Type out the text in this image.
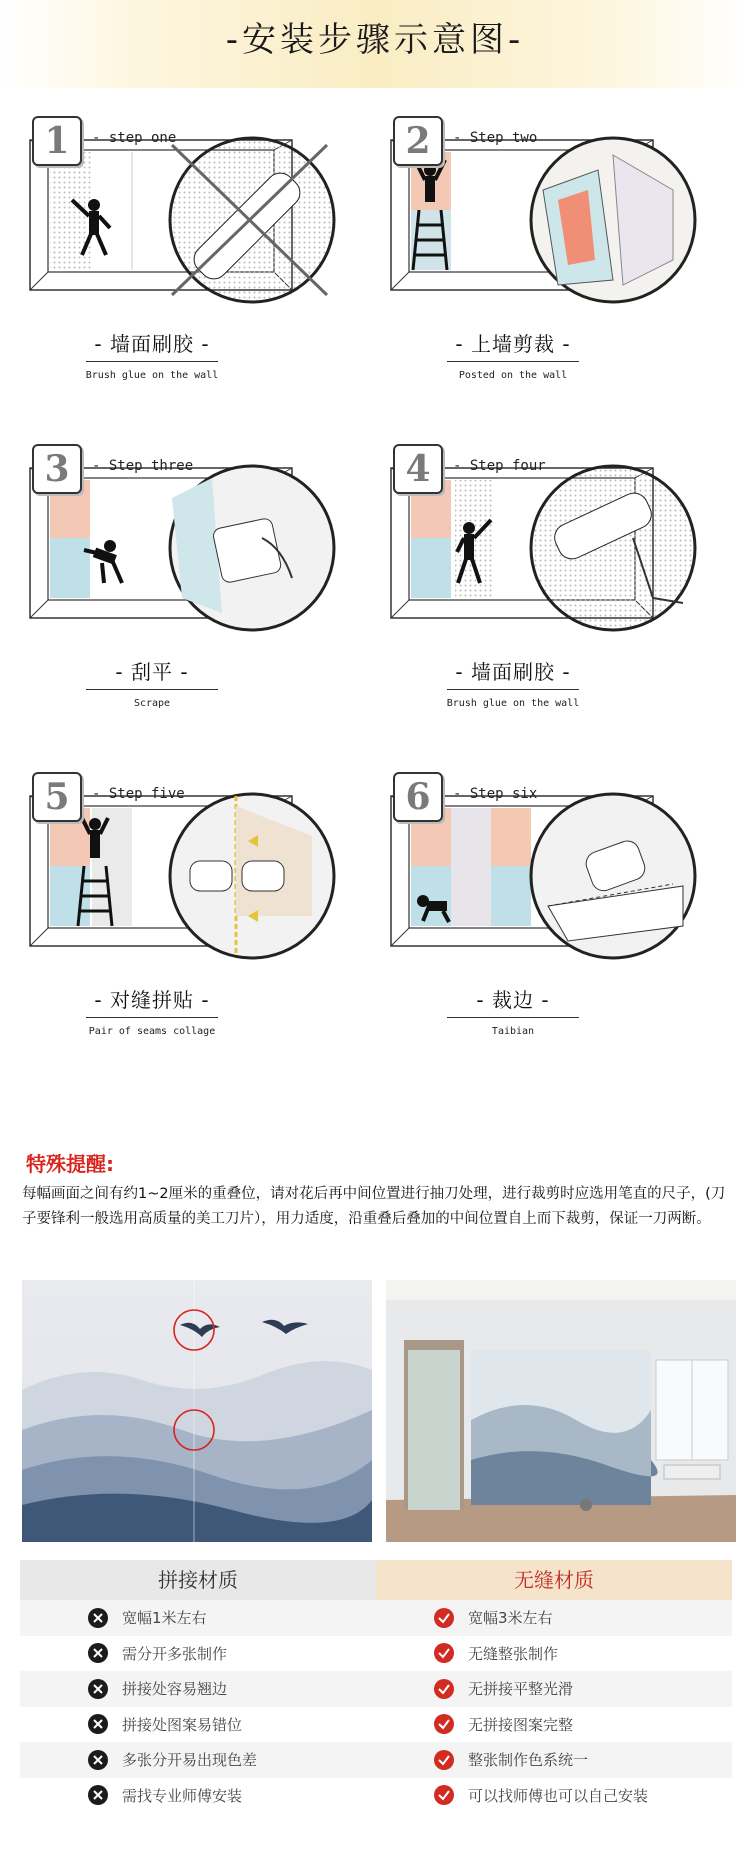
-安装步骤示意图-
1	- step one
- 墙面刷胶 -
Brush glue on the wall
2	- Step two
- 上墙剪裁 -
Posted on the wall
3	- Step three
- 刮平 -
Scrape
4	- Step four
- 墙面刷胶 -
Brush glue on the wall
5	- Step five
- 对缝拼贴 -
Pair of seams collage
6	- Step six
- 裁边 -
Taibian
特殊提醒:
每幅画面之间有约1~2厘米的重叠位，请对花后再中间位置进行抽刀处理，进行裁剪时应选用笔直的尺子，(刀子要锋利一般选用高质量的美工刀片），用力适度，沿重叠后叠加的中间位置自上而下裁剪，保证一刀两断。
拼接材质	无缝材质
宽幅1米左右	宽幅3米左右
需分开多张制作	无缝整张制作
拼接处容易翘边	无拼接平整光滑
拼接处图案易错位	无拼接图案完整
多张分开易出现色差	整张制作色系统一
需找专业师傅安装	可以找师傅也可以自己安装
